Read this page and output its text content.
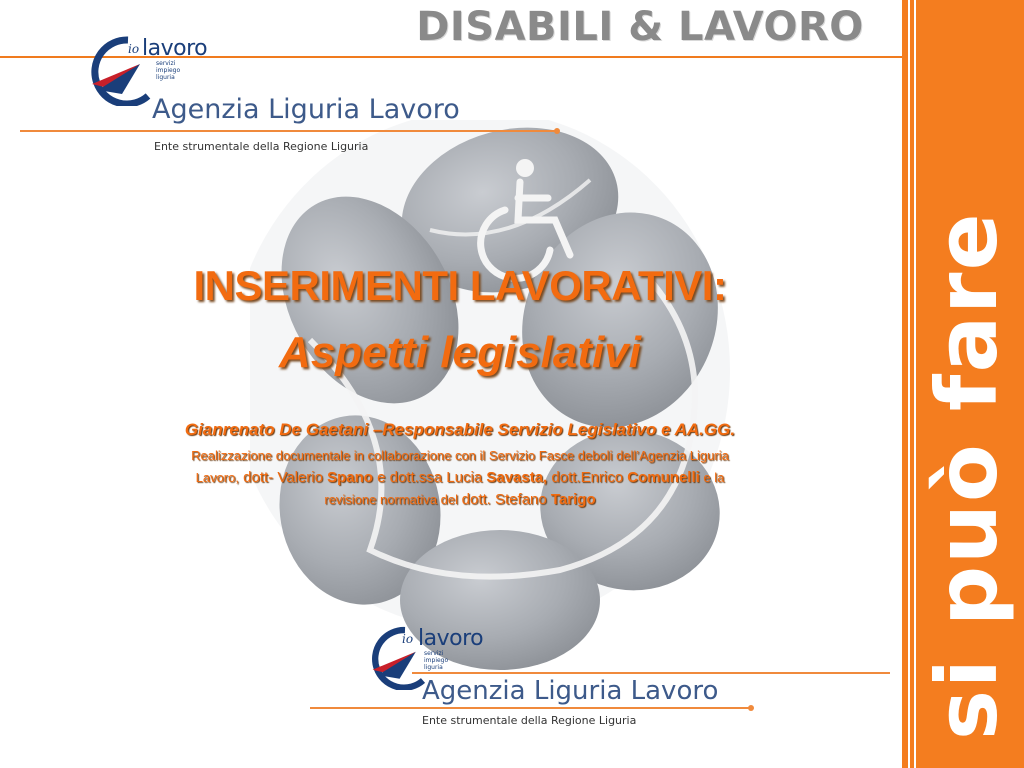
DISABILI & LAVORO
si può fare
io lavoro
servizi
impiego
liguria
Agenzia Liguria Lavoro
Ente strumentale della Regione Liguria
INSERIMENTI LAVORATIVI:
Aspetti legislativi
Gianrenato De Gaetani –Responsabile Servizio Legislativo e AA.GG.
Realizzazione documentale in collaborazione con il Servizio Fasce deboli dell’Agenzia Liguria
Lavoro, dott- Valerio Spano e dott.ssa Lucia Savasta, dott.Enrico Comunelli e la
revisione normativa del dott. Stefano Tarigo
io lavoro
servizi
impiego
liguria
Agenzia Liguria Lavoro
Ente strumentale della Regione Liguria
